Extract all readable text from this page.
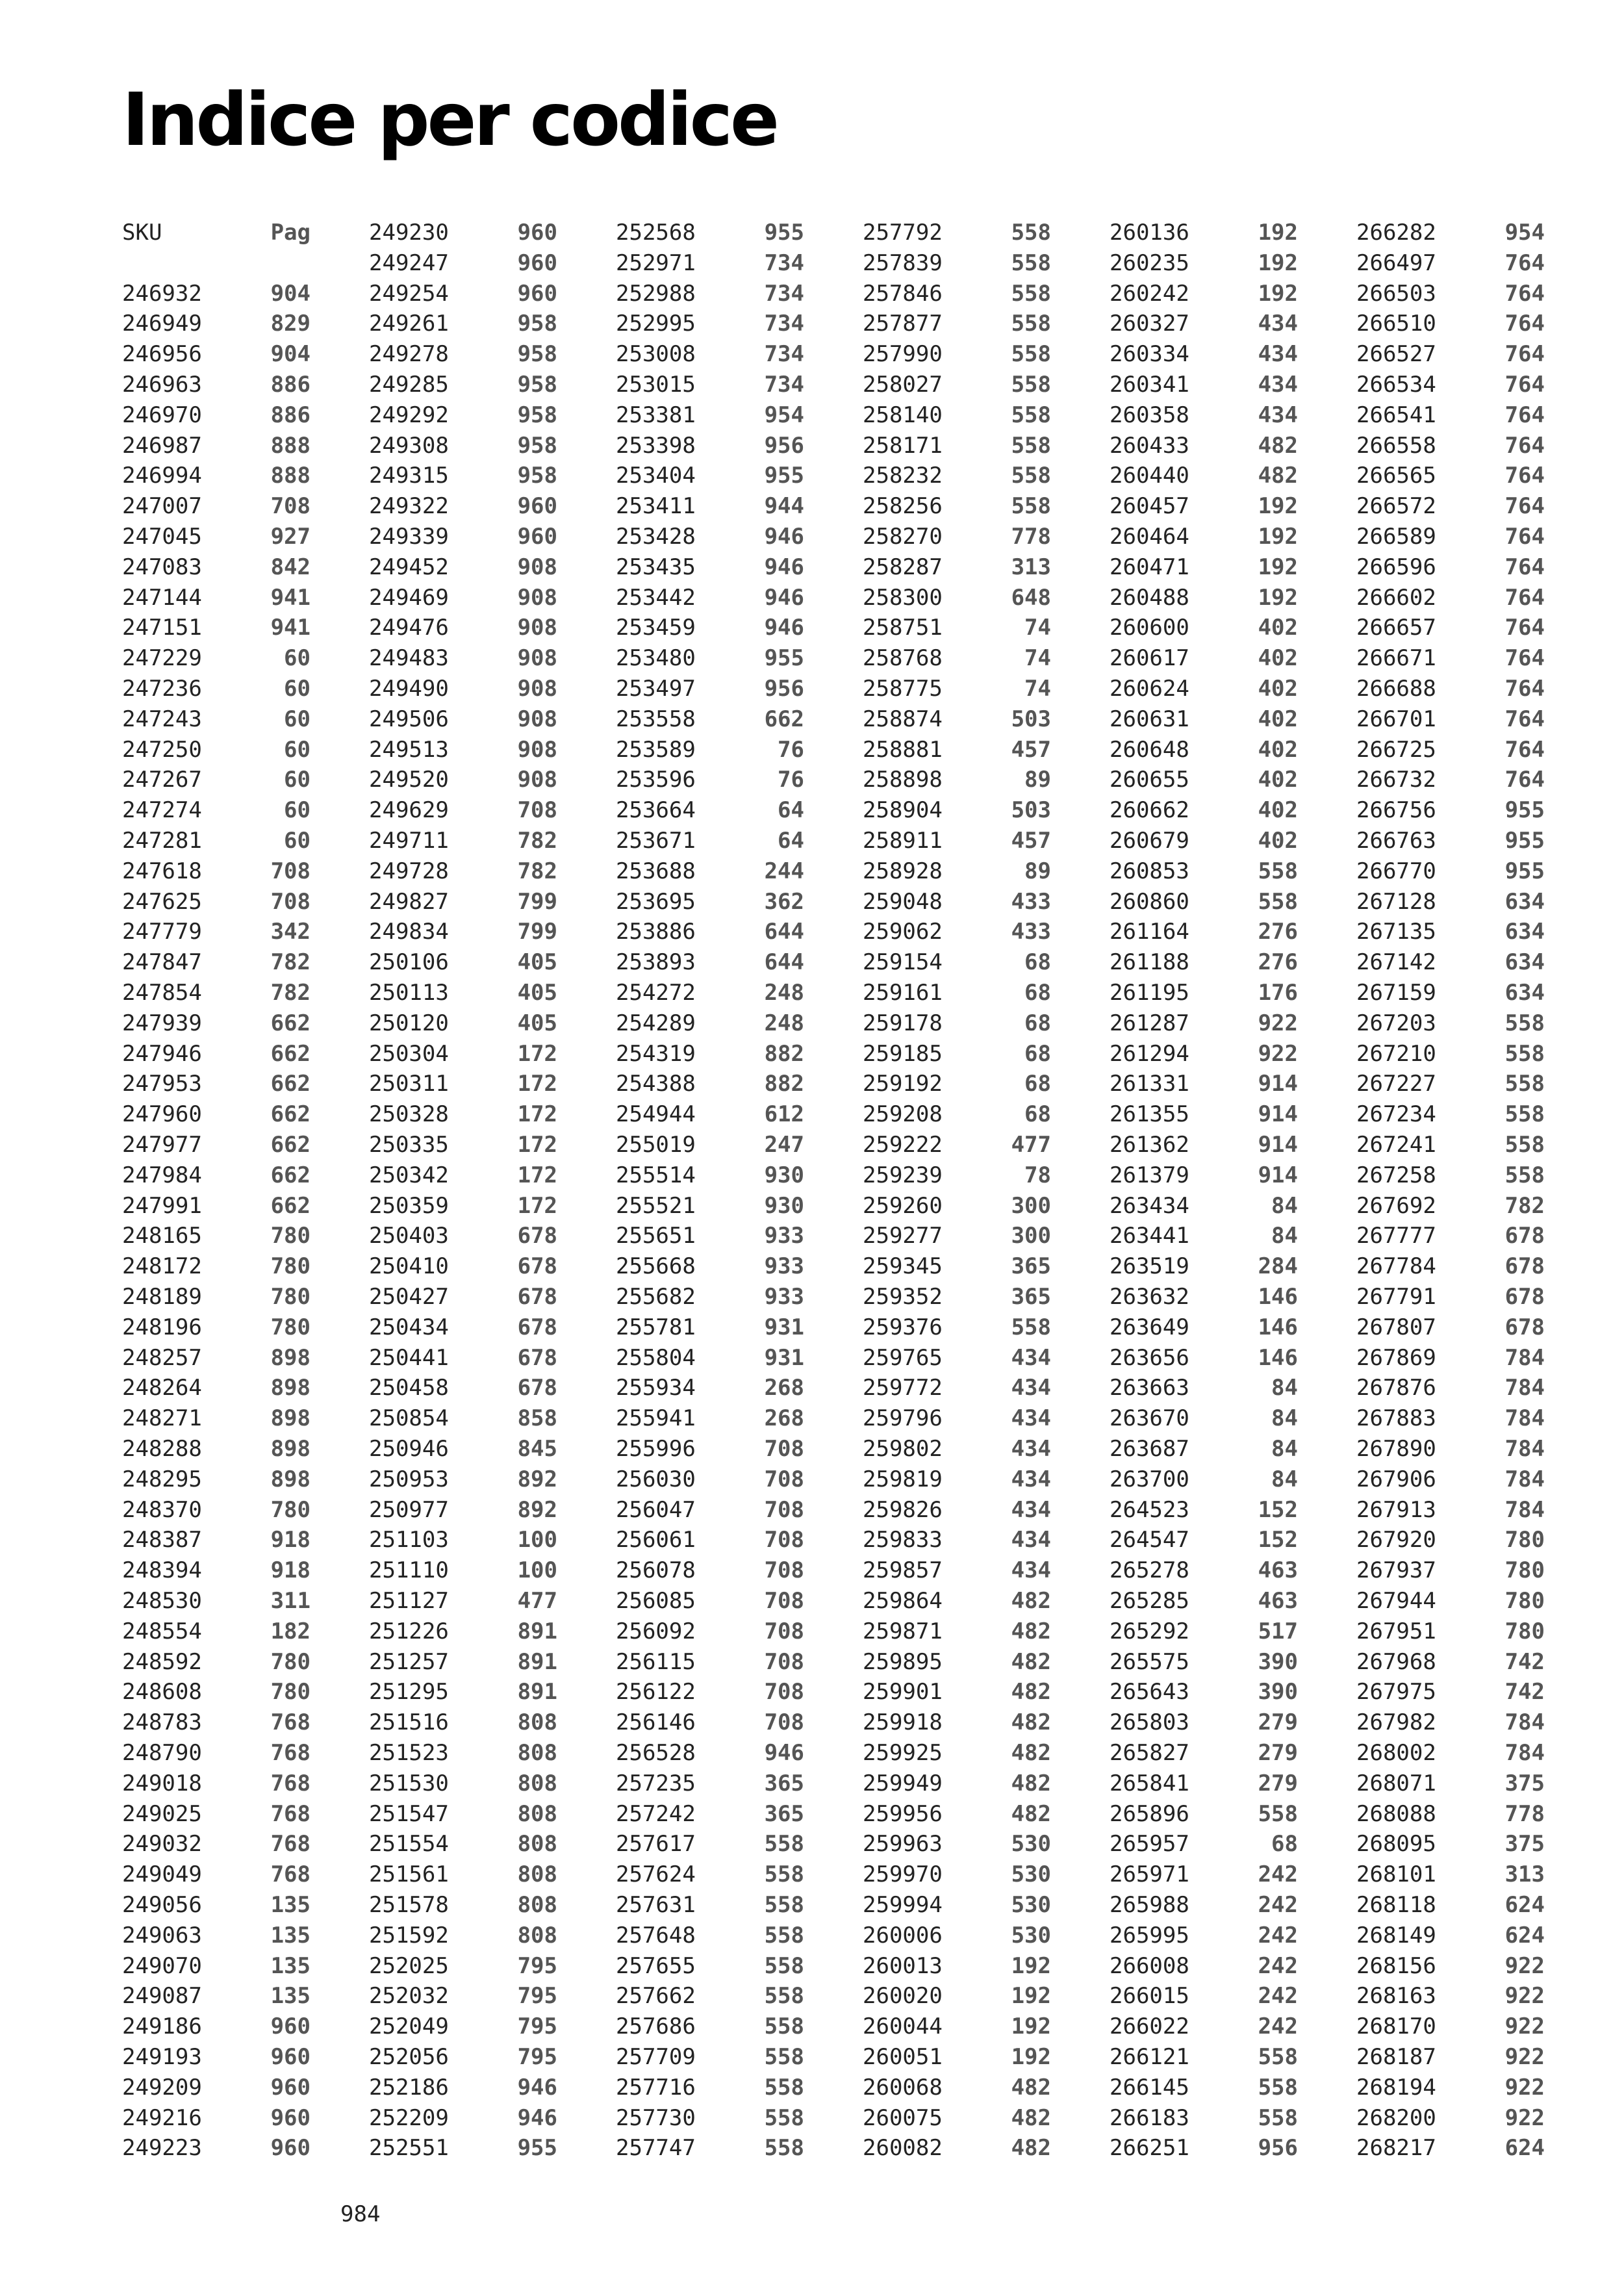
Indice per codice
SKU	Pag
246932	904
246949	829
246956	904
246963	886
246970	886
246987	888
246994	888
247007	708
247045	927
247083	842
247144	941
247151	941
247229	60
247236	60
247243	60
247250	60
247267	60
247274	60
247281	60
247618	708
247625	708
247779	342
247847	782
247854	782
247939	662
247946	662
247953	662
247960	662
247977	662
247984	662
247991	662
248165	780
248172	780
248189	780
248196	780
248257	898
248264	898
248271	898
248288	898
248295	898
248370	780
248387	918
248394	918
248530	311
248554	182
248592	780
248608	780
248783	768
248790	768
249018	768
249025	768
249032	768
249049	768
249056	135
249063	135
249070	135
249087	135
249186	960
249193	960
249209	960
249216	960
249223	960
249230	960
249247	960
249254	960
249261	958
249278	958
249285	958
249292	958
249308	958
249315	958
249322	960
249339	960
249452	908
249469	908
249476	908
249483	908
249490	908
249506	908
249513	908
249520	908
249629	708
249711	782
249728	782
249827	799
249834	799
250106	405
250113	405
250120	405
250304	172
250311	172
250328	172
250335	172
250342	172
250359	172
250403	678
250410	678
250427	678
250434	678
250441	678
250458	678
250854	858
250946	845
250953	892
250977	892
251103	100
251110	100
251127	477
251226	891
251257	891
251295	891
251516	808
251523	808
251530	808
251547	808
251554	808
251561	808
251578	808
251592	808
252025	795
252032	795
252049	795
252056	795
252186	946
252209	946
252551	955
252568	955
252971	734
252988	734
252995	734
253008	734
253015	734
253381	954
253398	956
253404	955
253411	944
253428	946
253435	946
253442	946
253459	946
253480	955
253497	956
253558	662
253589	76
253596	76
253664	64
253671	64
253688	244
253695	362
253886	644
253893	644
254272	248
254289	248
254319	882
254388	882
254944	612
255019	247
255514	930
255521	930
255651	933
255668	933
255682	933
255781	931
255804	931
255934	268
255941	268
255996	708
256030	708
256047	708
256061	708
256078	708
256085	708
256092	708
256115	708
256122	708
256146	708
256528	946
257235	365
257242	365
257617	558
257624	558
257631	558
257648	558
257655	558
257662	558
257686	558
257709	558
257716	558
257730	558
257747	558
257792	558
257839	558
257846	558
257877	558
257990	558
258027	558
258140	558
258171	558
258232	558
258256	558
258270	778
258287	313
258300	648
258751	74
258768	74
258775	74
258874	503
258881	457
258898	89
258904	503
258911	457
258928	89
259048	433
259062	433
259154	68
259161	68
259178	68
259185	68
259192	68
259208	68
259222	477
259239	78
259260	300
259277	300
259345	365
259352	365
259376	558
259765	434
259772	434
259796	434
259802	434
259819	434
259826	434
259833	434
259857	434
259864	482
259871	482
259895	482
259901	482
259918	482
259925	482
259949	482
259956	482
259963	530
259970	530
259994	530
260006	530
260013	192
260020	192
260044	192
260051	192
260068	482
260075	482
260082	482
260136	192
260235	192
260242	192
260327	434
260334	434
260341	434
260358	434
260433	482
260440	482
260457	192
260464	192
260471	192
260488	192
260600	402
260617	402
260624	402
260631	402
260648	402
260655	402
260662	402
260679	402
260853	558
260860	558
261164	276
261188	276
261195	176
261287	922
261294	922
261331	914
261355	914
261362	914
261379	914
263434	84
263441	84
263519	284
263632	146
263649	146
263656	146
263663	84
263670	84
263687	84
263700	84
264523	152
264547	152
265278	463
265285	463
265292	517
265575	390
265643	390
265803	279
265827	279
265841	279
265896	558
265957	68
265971	242
265988	242
265995	242
266008	242
266015	242
266022	242
266121	558
266145	558
266183	558
266251	956
266282	954
266497	764
266503	764
266510	764
266527	764
266534	764
266541	764
266558	764
266565	764
266572	764
266589	764
266596	764
266602	764
266657	764
266671	764
266688	764
266701	764
266725	764
266732	764
266756	955
266763	955
266770	955
267128	634
267135	634
267142	634
267159	634
267203	558
267210	558
267227	558
267234	558
267241	558
267258	558
267692	782
267777	678
267784	678
267791	678
267807	678
267869	784
267876	784
267883	784
267890	784
267906	784
267913	784
267920	780
267937	780
267944	780
267951	780
267968	742
267975	742
267982	784
268002	784
268071	375
268088	778
268095	375
268101	313
268118	624
268149	624
268156	922
268163	922
268170	922
268187	922
268194	922
268200	922
268217	624
984
